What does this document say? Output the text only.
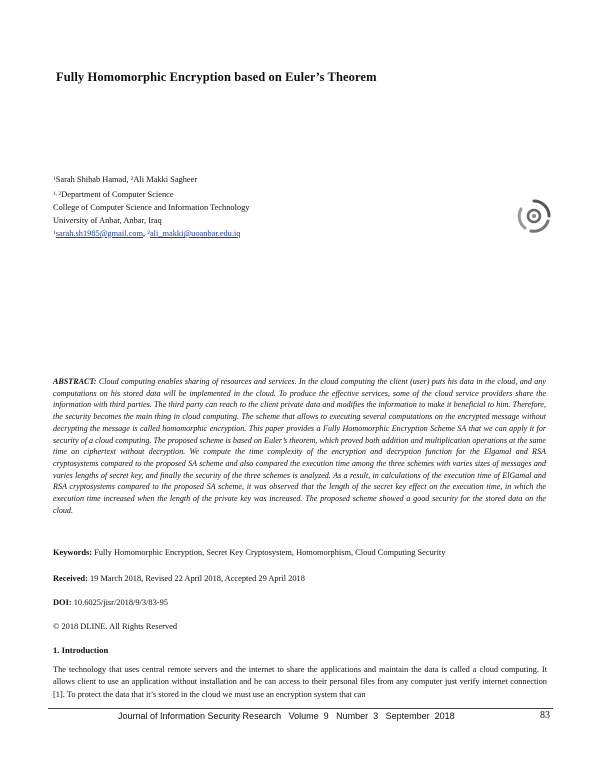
Fully Homomorphic Encryption based on Euler’s Theorem
$^1$Sarah Shihab Hamad, $^2$Ali Makki Sagheer
$^{1, 2}$Department of Computer Science
College of Computer Science and Information Technology
University of Anbar, Anbar, Iraq
$^1$sarah.sh1985@gmail.com, $^2$ali_makki@uoanbar.edu.iq
ABSTRACT: Cloud computing enables sharing of resources and services. In the cloud computing the client (user) puts his data in the cloud, and any computations on his stored data will be implemented in the cloud. To produce the effective services, some of the cloud service providers share the information with third parties. The third party can reach to the client private data and modifies the information to make it beneficial to him. Therefore, the security becomes the main thing in cloud computing. The scheme that allows to executing several computations on the encrypted message without decrypting the message is called homomorphic encryption. This paper provides a Fully Homomorphic Encryption Scheme SA that we can apply it for security of a cloud computing. The proposed scheme is based on Euler’s theorem, which proved both addition and multiplication operations at the same time on ciphertext without decryption. We compute the time complexity of the encryption and decryption function for the Elgamal and RSA cryptosystems compared to the proposed SA scheme and also compared the execution time among the three schemes with varies sizes of messages and varies lengths of secret key, and finally the security of the three schemes is analyzed. As a result, in calculations of the execution time of ElGamal and RSA cryptosystems compared to the proposed SA scheme, it was observed that the length of the secret key effect on the execution time, in which the execution time increased when the length of the private key was increased. The proposed scheme showed a good security for the stored data on the cloud.
Keywords: Fully Homomorphic Encryption, Secret Key Cryptosystem, Homomorphism, Cloud Computing Security
Received: 19 March 2018, Revised 22 April 2018, Accepted 29 April 2018
DOI: 10.6025/jisr/2018/9/3/83-95
© 2018 DLINE. All Rights Reserved
1. Introduction
The technology that uses central remote servers and the internet to share the applications and maintain the data is called a cloud computing. It allows client to use an application without installation and he can access to their personal files from any computer just verify internet connection [1]. To protect the data that it’s stored in the cloud we must use an encryption system that can
Journal of Information Security Research   Volume  9   Number  3   September  2018	83
